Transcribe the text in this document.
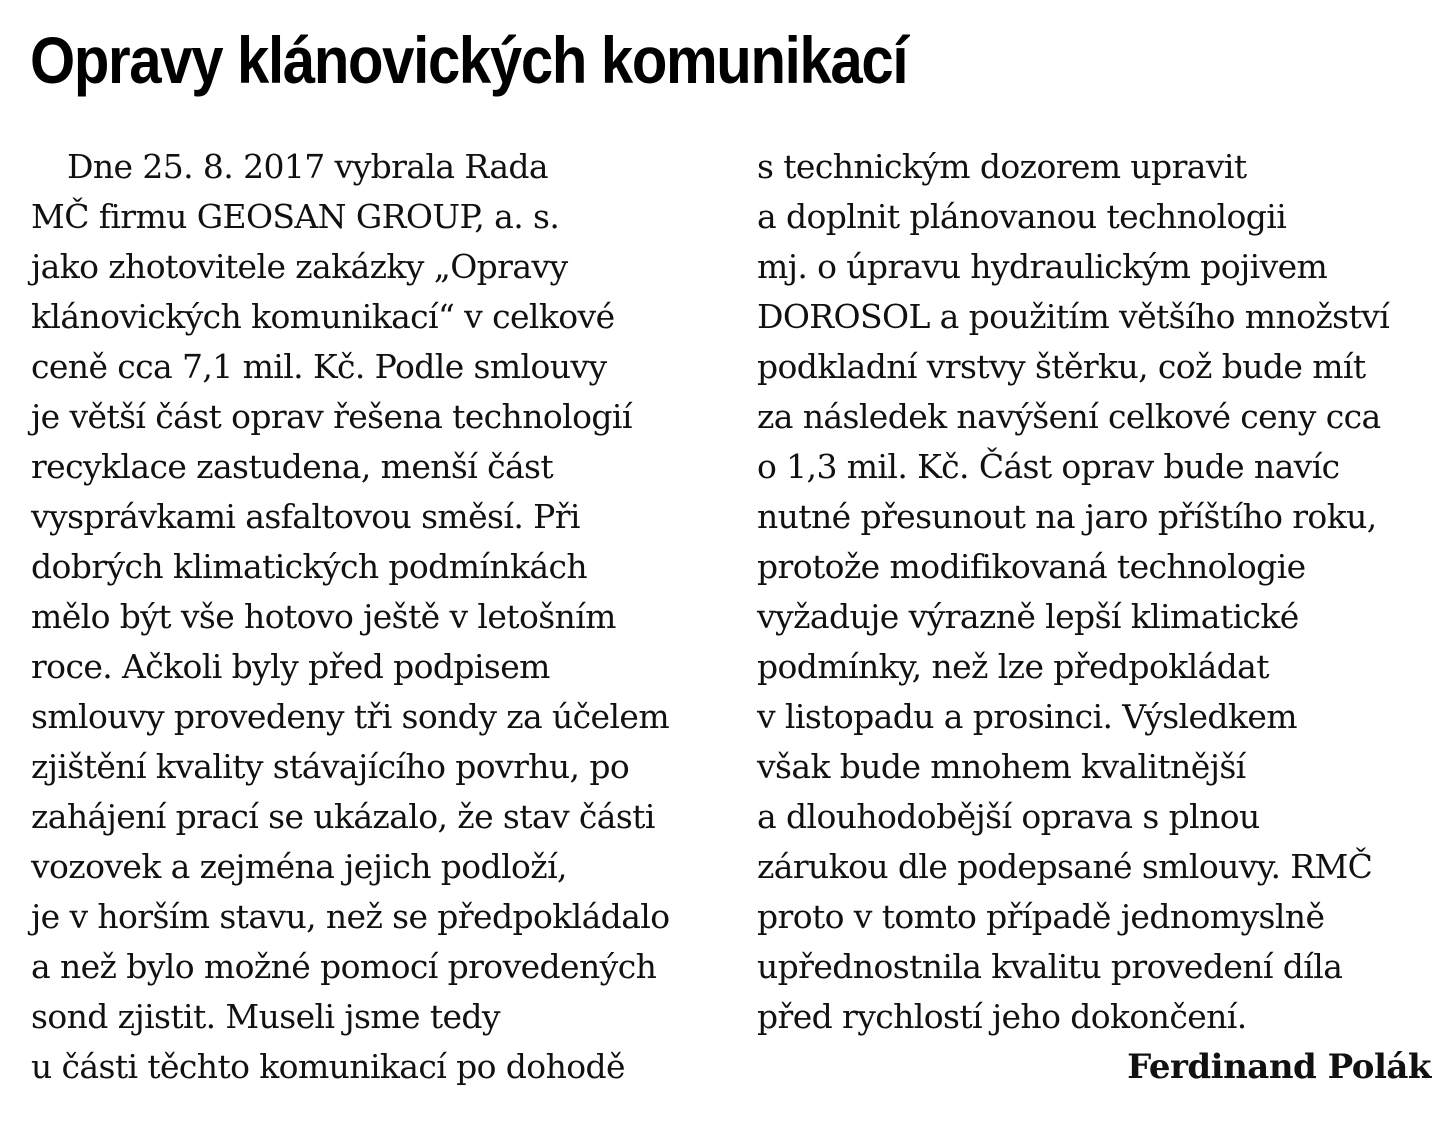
Opravy klánovických komunikací
Dne 25. 8. 2017 vybrala Rada
MČ firmu GEOSAN GROUP, a. s.
jako zhotovitele zakázky „Opravy
klánovických komunikací“ v celkové
ceně cca 7,1 mil. Kč. Podle smlouvy
je větší část oprav řešena technologií
recyklace zastudena, menší část
vysprávkami asfaltovou směsí. Při
dobrých klimatických podmínkách
mělo být vše hotovo ještě v letošním
roce. Ačkoli byly před podpisem
smlouvy provedeny tři sondy za účelem
zjištění kvality stávajícího povrhu, po
zahájení prací se ukázalo, že stav části
vozovek a zejména jejich podloží,
je v horším stavu, než se předpokládalo
a než bylo možné pomocí provedených
sond zjistit. Museli jsme tedy
u části těchto komunikací po dohodě
s technickým dozorem upravit
a doplnit plánovanou technologii
mj. o úpravu hydraulickým pojivem
DOROSOL a použitím většího množství
podkladní vrstvy štěrku, což bude mít
za následek navýšení celkové ceny cca
o 1,3 mil. Kč. Část oprav bude navíc
nutné přesunout na jaro příštího roku,
protože modifikovaná technologie
vyžaduje výrazně lepší klimatické
podmínky, než lze předpokládat
v listopadu a prosinci. Výsledkem
však bude mnohem kvalitnější
a dlouhodobější oprava s plnou
zárukou dle podepsané smlouvy. RMČ
proto v tomto případě jednomyslně
upřednostnila kvalitu provedení díla
před rychlostí jeho dokončení.
Ferdinand Polák
